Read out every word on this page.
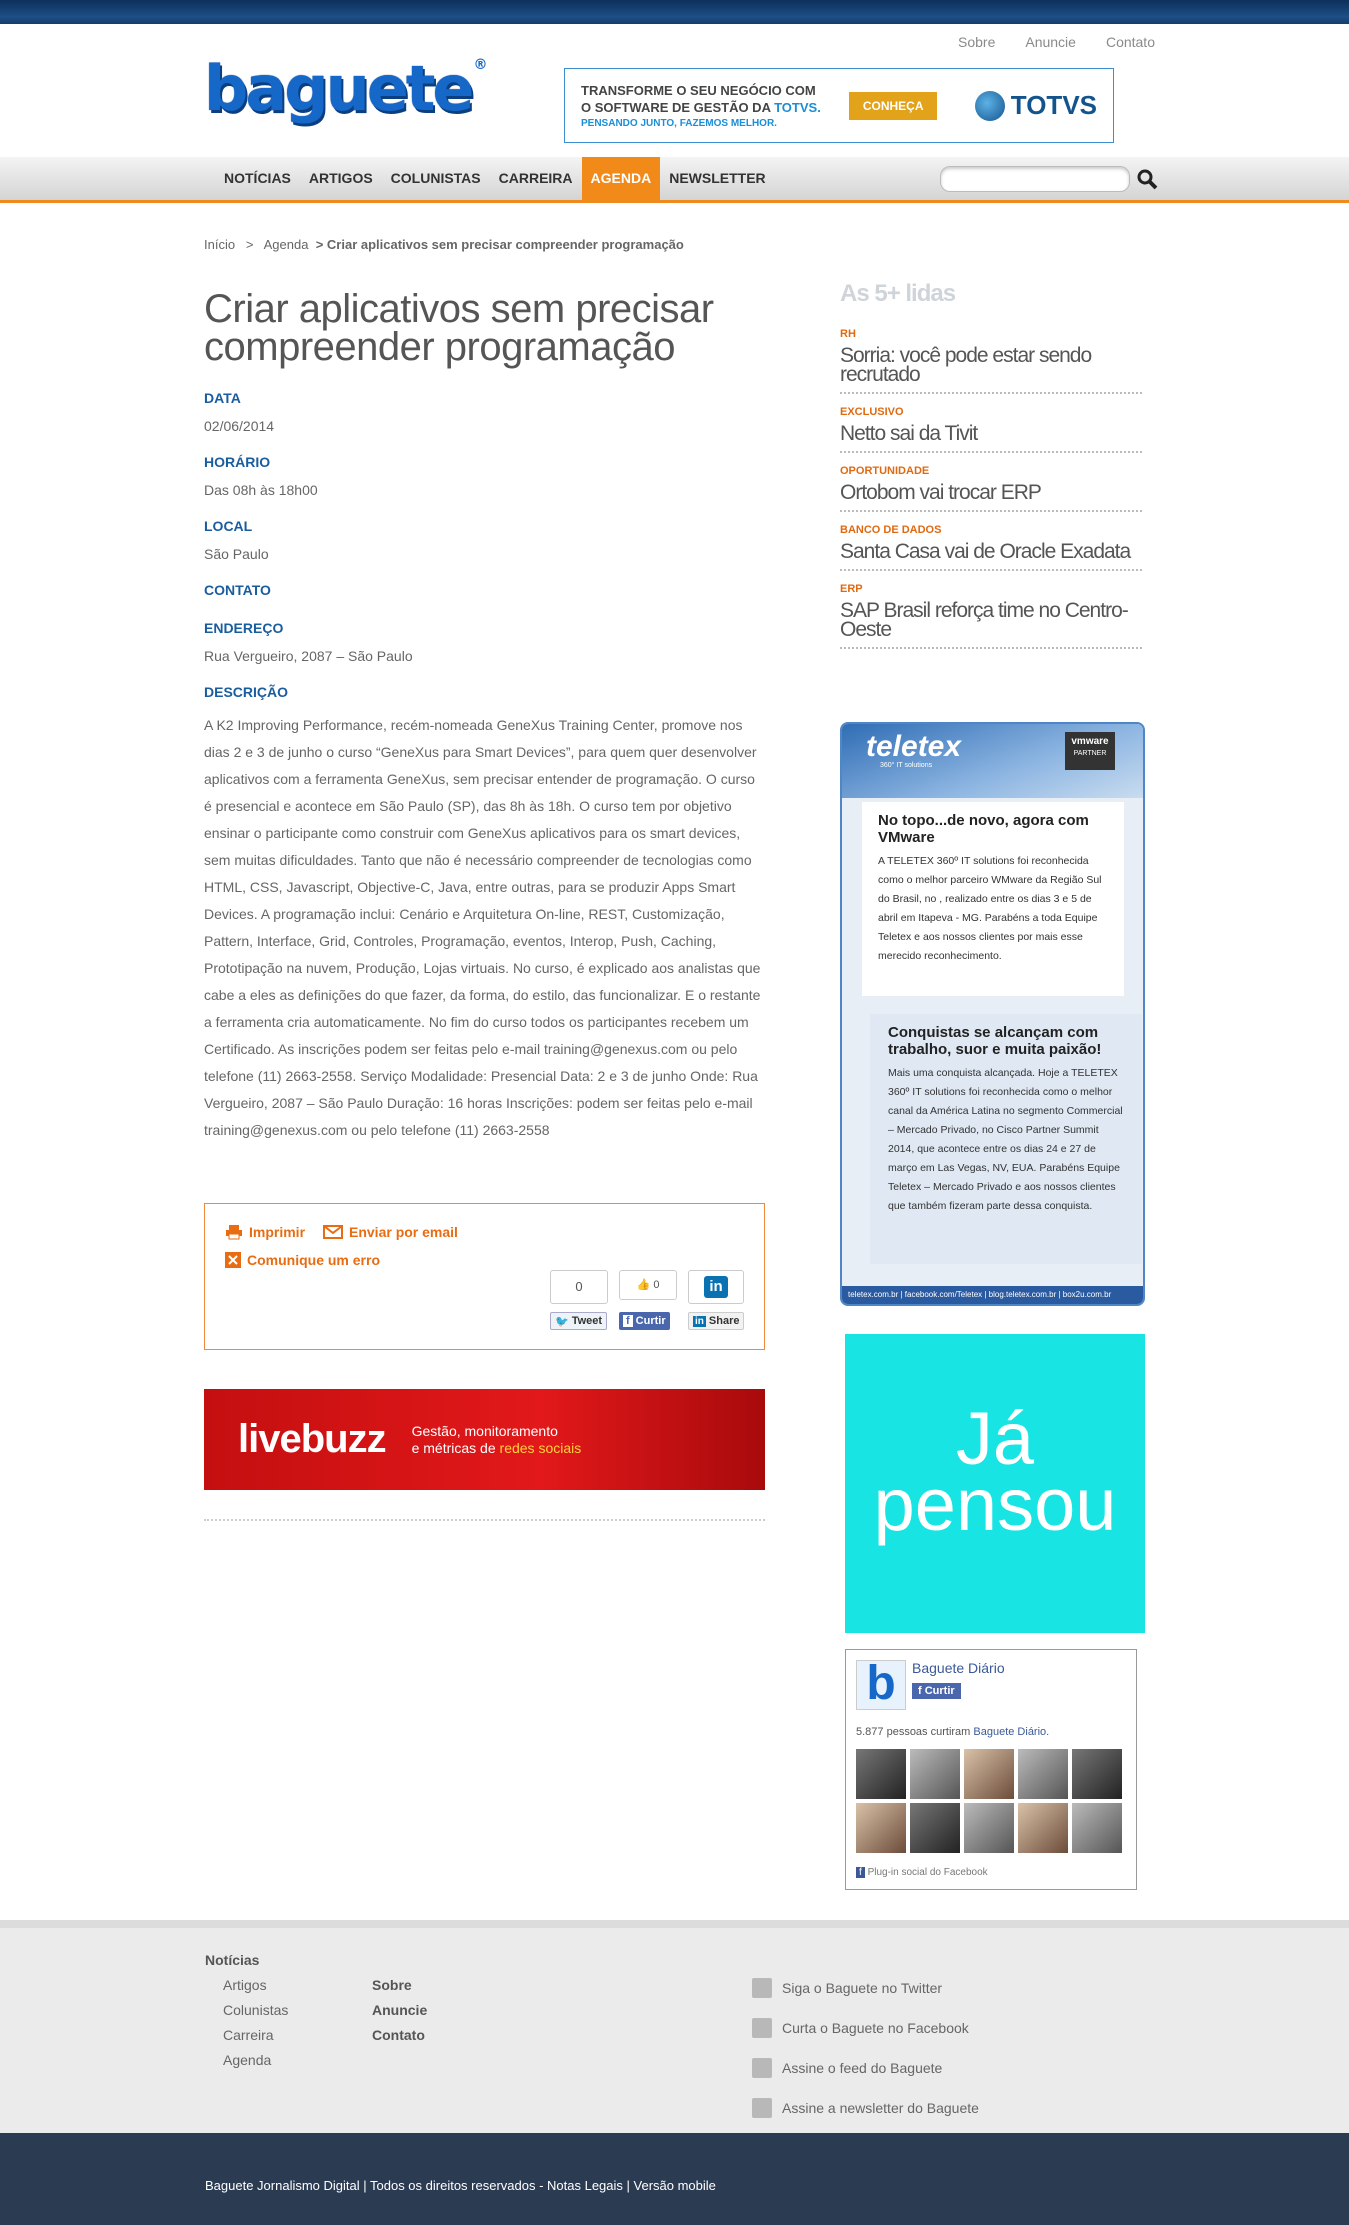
Sobre Anuncie Contato
baguete ®
TRANSFORME O SEU NEGÓCIO COM
O SOFTWARE DE GESTÃO DA TOTVS.
PENSANDO JUNTO, FAZEMOS MELHOR.
CONHEÇA	TOTVS
NOTÍCIAS	ARTIGOS	COLUNISTAS	CARREIRA	AGENDA	NEWSLETTER
Início > Agenda > Criar aplicativos sem precisar compreender programação
Criar aplicativos sem precisar compreender programação
DATA
02/06/2014
HORÁRIO
Das 08h às 18h00
LOCAL
São Paulo
CONTATO
ENDEREÇO
Rua Vergueiro, 2087 – São Paulo
DESCRIÇÃO
A K2 Improving Performance, recém-nomeada GeneXus Training Center, promove nos dias 2 e 3 de junho o curso “GeneXus para Smart Devices”, para quem quer desenvolver aplicativos com a ferramenta GeneXus, sem precisar entender de programação. O curso é presencial e acontece em São Paulo (SP), das 8h às 18h. O curso tem por objetivo ensinar o participante como construir com GeneXus aplicativos para os smart devices, sem muitas dificuldades. Tanto que não é necessário compreender de tecnologias como HTML, CSS, Javascript, Objective-C, Java, entre outras, para se produzir Apps Smart Devices. A programação inclui: Cenário e Arquitetura On-line, REST, Customização, Pattern, Interface, Grid, Controles, Programação, eventos, Interop, Push, Caching, Prototipação na nuvem, Produção, Lojas virtuais. No curso, é explicado aos analistas que cabe a eles as definições do que fazer, da forma, do estilo, das funcionalizar. E o restante a ferramenta cria automaticamente. No fim do curso todos os participantes recebem um Certificado. As inscrições podem ser feitas pelo e-mail training@genexus.com ou pelo telefone (11) 2663-2558. Serviço Modalidade: Presencial Data: 2 e 3 de junho Onde: Rua Vergueiro, 2087 – São Paulo Duração: 16 horas Inscrições: podem ser feitas pelo e-mail training@genexus.com ou pelo telefone (11) 2663-2558
Imprimir	Enviar por email
Comunique um erro
0
🐦 Tweet
👍 0
f Curtir
in
in Share
livebuzz Gestão, monitoramento
e métricas de redes sociais
As 5+ lidas
RH
Sorria: você pode estar sendo recrutado
EXCLUSIVO
Netto sai da Tivit
OPORTUNIDADE
Ortobom vai trocar ERP
BANCO DE DADOS
Santa Casa vai de Oracle Exadata
ERP
SAP Brasil reforça time no Centro-Oeste
teletex
360° IT solutions
vmware
PARTNER
No topo...de novo, agora com VMware

A TELETEX 360º IT solutions foi reconhecida como o melhor parceiro WMware da Região Sul do Brasil, no , realizado entre os dias 3 e 5 de abril em Itapeva - MG. Parabéns a toda Equipe Teletex e aos nossos clientes por mais esse merecido reconhecimento.

Conquistas se alcançam com trabalho, suor e muita paixão!

Mais uma conquista alcançada. Hoje a TELETEX 360º IT solutions foi reconhecida como o melhor canal da América Latina no segmento Commercial – Mercado Privado, no Cisco Partner Summit 2014, que acontece entre os dias 24 e 27 de março em Las Vegas, NV, EUA. Parabéns Equipe Teletex – Mercado Privado e aos nossos clientes que também fizeram parte dessa conquista.

teletex.com.br | facebook.com/Teletex | blog.teletex.com.br | box2u.com.br
Já
pensou
b	Baguete Diário
f Curtir
5.877 pessoas curtiram Baguete Diário.
f Plug-in social do Facebook
Notícias
Artigos
Colunistas
Carreira
Agenda
Sobre
Anuncie
Contato
Siga o Baguete no Twitter
Curta o Baguete no Facebook
Assine o feed do Baguete
Assine a newsletter do Baguete
Baguete Jornalismo Digital | Todos os direitos reservados - Notas Legais | Versão mobile
